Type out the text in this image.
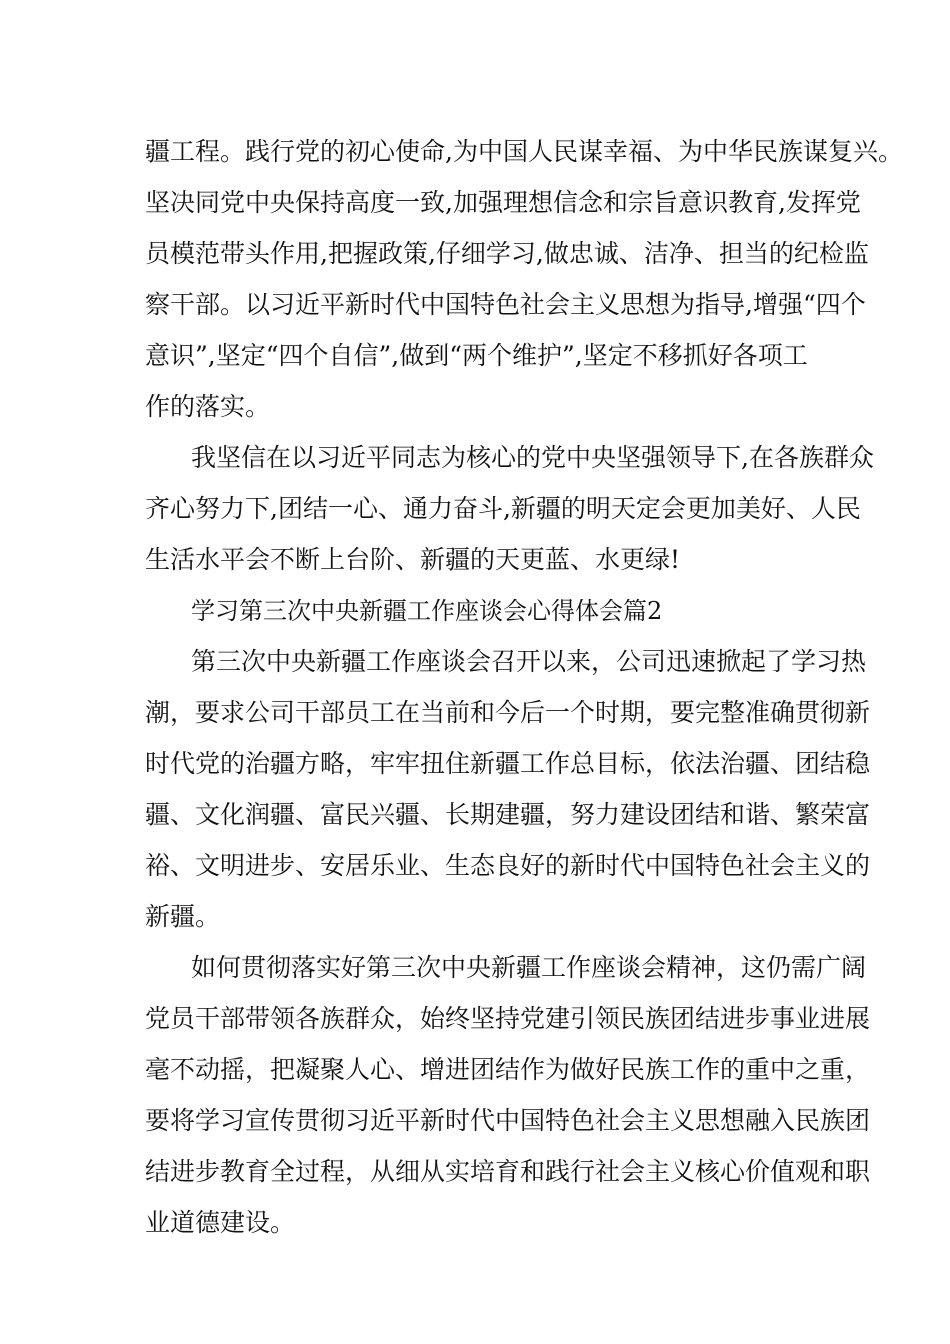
疆工程。践行党的初心使命,为中国人民谋幸福、为中华民族谋复兴。

坚决同党中央保持高度一致,加强理想信念和宗旨意识教育,发挥党

员模范带头作用,把握政策,仔细学习,做忠诚、洁净、担当的纪检监

察干部。以习近平新时代中国特色社会主义思想为指导,增强“四个

意识”,坚定“四个自信”,做到“两个维护”,坚定不移抓好各项工

作的落实。

我坚信在以习近平同志为核心的党中央坚强领导下,在各族群众

齐心努力下,团结一心、通力奋斗,新疆的明天定会更加美好、人民

生活水平会不断上台阶、新疆的天更蓝、水更绿!

学习第三次中央新疆工作座谈会心得体会篇2

第三次中央新疆工作座谈会召开以来，公司迅速掀起了学习热

潮，要求公司干部员工在当前和今后一个时期，要完整准确贯彻新

时代党的治疆方略，牢牢扭住新疆工作总目标，依法治疆、团结稳

疆、文化润疆、富民兴疆、长期建疆，努力建设团结和谐、繁荣富

裕、文明进步、安居乐业、生态良好的新时代中国特色社会主义的

新疆。

如何贯彻落实好第三次中央新疆工作座谈会精神，这仍需广阔

党员干部带领各族群众，始终坚持党建引领民族团结进步事业进展

毫不动摇，把凝聚人心、增进团结作为做好民族工作的重中之重，

要将学习宣传贯彻习近平新时代中国特色社会主义思想融入民族团

结进步教育全过程，从细从实培育和践行社会主义核心价值观和职

业道德建设。
